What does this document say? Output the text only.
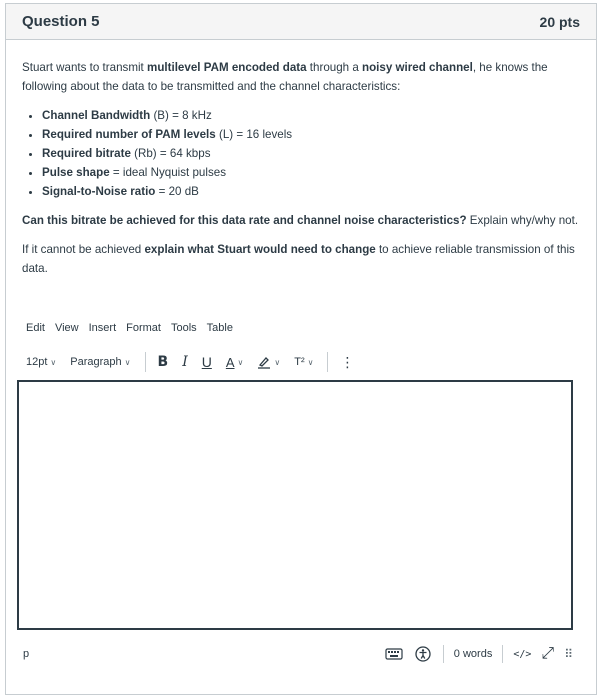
Question 5	20 pts

Stuart wants to transmit multilevel PAM encoded data through a noisy wired channel, he knows the following about the data to be transmitted and the channel characteristics:

• Channel Bandwidth (B) = 8 kHz
• Required number of PAM levels (L) = 16 levels
• Required bitrate (Rb) = 64 kbps
• Pulse shape = ideal Nyquist pulses
• Signal-to-Noise ratio = 20 dB

Can this bitrate be achieved for this data rate and channel noise characteristics? Explain why/why not.

If it cannot be achieved explain what Stuart would need to change to achieve reliable transmission of this data.

Edit View Insert Format Tools Table
12pt ∨ Paragraph ∨ B I U A ∨	∨ T² ∨ ⋮
p	0 words </> ⤢ ⠿
